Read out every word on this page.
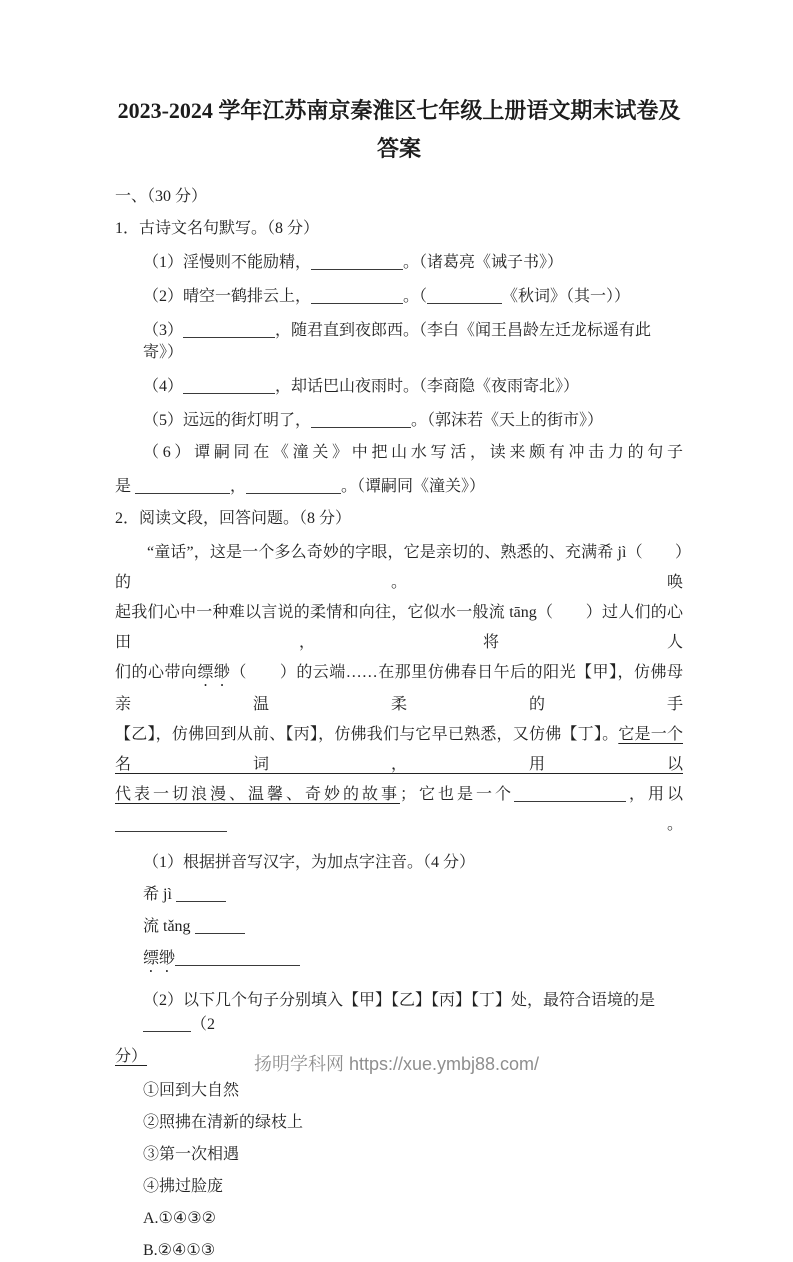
2023-2024 学年江苏南京秦淮区七年级上册语文期末试卷及
答案
一、（30 分）
1．古诗文名句默写。（8 分）
（1）淫慢则不能励精，	。（诸葛亮《诫子书》）
（2）晴空一鹤排云上，	。（	《秋词》（其一））
（3）	，随君直到夜郎西。（李白《闻王昌龄左迁龙标遥有此寄》）
（4）	，却话巴山夜雨时。（李商隐《夜雨寄北》）
（5）远远的街灯明了，	。（郭沫若《天上的街市》）
（6）谭嗣同在《潼关》中把山水写活，读来颇有冲击力的句子
是	，	。（谭嗣同《潼关》）
2．阅读文段，回答问题。（8 分）
“童话”，这是一个多么奇妙的字眼，它是亲切的、熟悉的、充满希 jì（　　）的。唤
起我们心中一种难以言说的柔情和向往，它似水一般流 tāng（　　）过人们的心田，将人
们的心带向缥缈（　　）的云端……在那里仿佛春日午后的阳光【甲】，仿佛母亲温柔的手
【乙】，仿佛回到从前、【丙】，仿佛我们与它早已熟悉，又仿佛【丁】。它是一个名词，用以
代表一切浪漫、温馨、奇妙的故事；它也是一个	，用以。
（1）根据拼音写汉字，为加点字注音。（4 分）
希 jì
流 tǎng
缥缈
（2）以下几个句子分别填入【甲】【乙】【丙】【丁】处，最符合语境的是 （2
分）
①回到大自然
②照拂在清新的绿枝上
③第一次相遇
④拂过脸庞
A.①④③②
B.②④①③
扬明学科网 https://xue.ymbj88.com/
